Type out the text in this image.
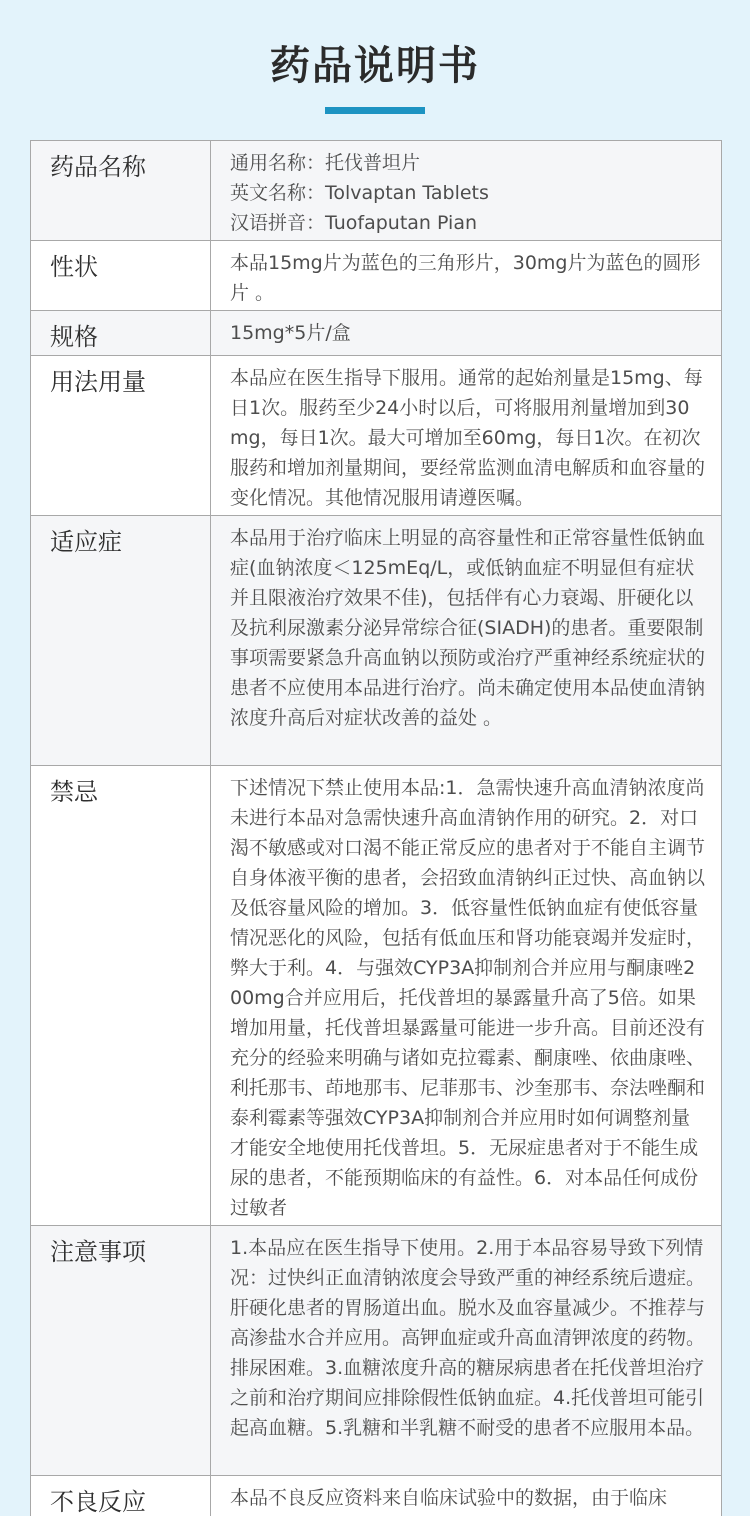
药品说明书
药品名称	通用名称：托伐普坦片
英文名称：Tolvaptan Tablets
汉语拼音：Tuofaputan Pian
性状	本品15mg片为蓝色的三角形片，30mg片为蓝色的圆形片 。
规格	15mg*5片/盒
用法用量	本品应在医生指导下服用。通常的起始剂量是15mg、每日1次。服药至少24小时以后，可将服用剂量增加到30mg，每日1次。最大可增加至60mg，每日1次。在初次服药和增加剂量期间，要经常监测血清电解质和血容量的变化情况。其他情况服用请遵医嘱。
适应症	本品用于治疗临床上明显的高容量性和正常容量性低钠血症(血钠浓度＜125mEq/L，或低钠血症不明显但有症状并且限液治疗效果不佳)，包括伴有心力衰竭、肝硬化以及抗利尿激素分泌异常综合征(SIADH)的患者。重要限制事项需要紧急升高血钠以预防或治疗严重神经系统症状的患者不应使用本品进行治疗。尚未确定使用本品使血清钠浓度升高后对症状改善的益处 。
禁忌	下述情况下禁止使用本品:1．急需快速升高血清钠浓度尚未进行本品对急需快速升高血清钠作用的研究。2．对口渴不敏感或对口渴不能正常反应的患者对于不能自主调节自身体液平衡的患者，会招致血清钠纠正过快、高血钠以及低容量风险的增加。3．低容量性低钠血症有使低容量情况恶化的风险，包括有低血压和肾功能衰竭并发症时，弊大于利。4．与强效CYP3A抑制剂合并应用与酮康唑200mg合并应用后，托伐普坦的暴露量升高了5倍。如果增加用量，托伐普坦暴露量可能进一步升高。目前还没有充分的经验来明确与诸如克拉霉素、酮康唑、依曲康唑、利托那韦、茚地那韦、尼菲那韦、沙奎那韦、奈法唑酮和泰利霉素等强效CYP3A抑制剂合并应用时如何调整剂量才能安全地使用托伐普坦。5．无尿症患者对于不能生成尿的患者，不能预期临床的有益性。6．对本品任何成份过敏者
注意事项	1.本品应在医生指导下使用。2.用于本品容易导致下列情况：过快纠正血清钠浓度会导致严重的神经系统后遗症。肝硬化患者的胃肠道出血。脱水及血容量减少。不推荐与高渗盐水合并应用。高钾血症或升高血清钾浓度的药物。排尿困难。3.血糖浓度升高的糖尿病患者在托伐普坦治疗之前和治疗期间应排除假性低钠血症。4.托伐普坦可能引起高血糖。5.乳糖和半乳糖不耐受的患者不应服用本品。
不良反应	本品不良反应资料来自临床试验中的数据，由于临床
